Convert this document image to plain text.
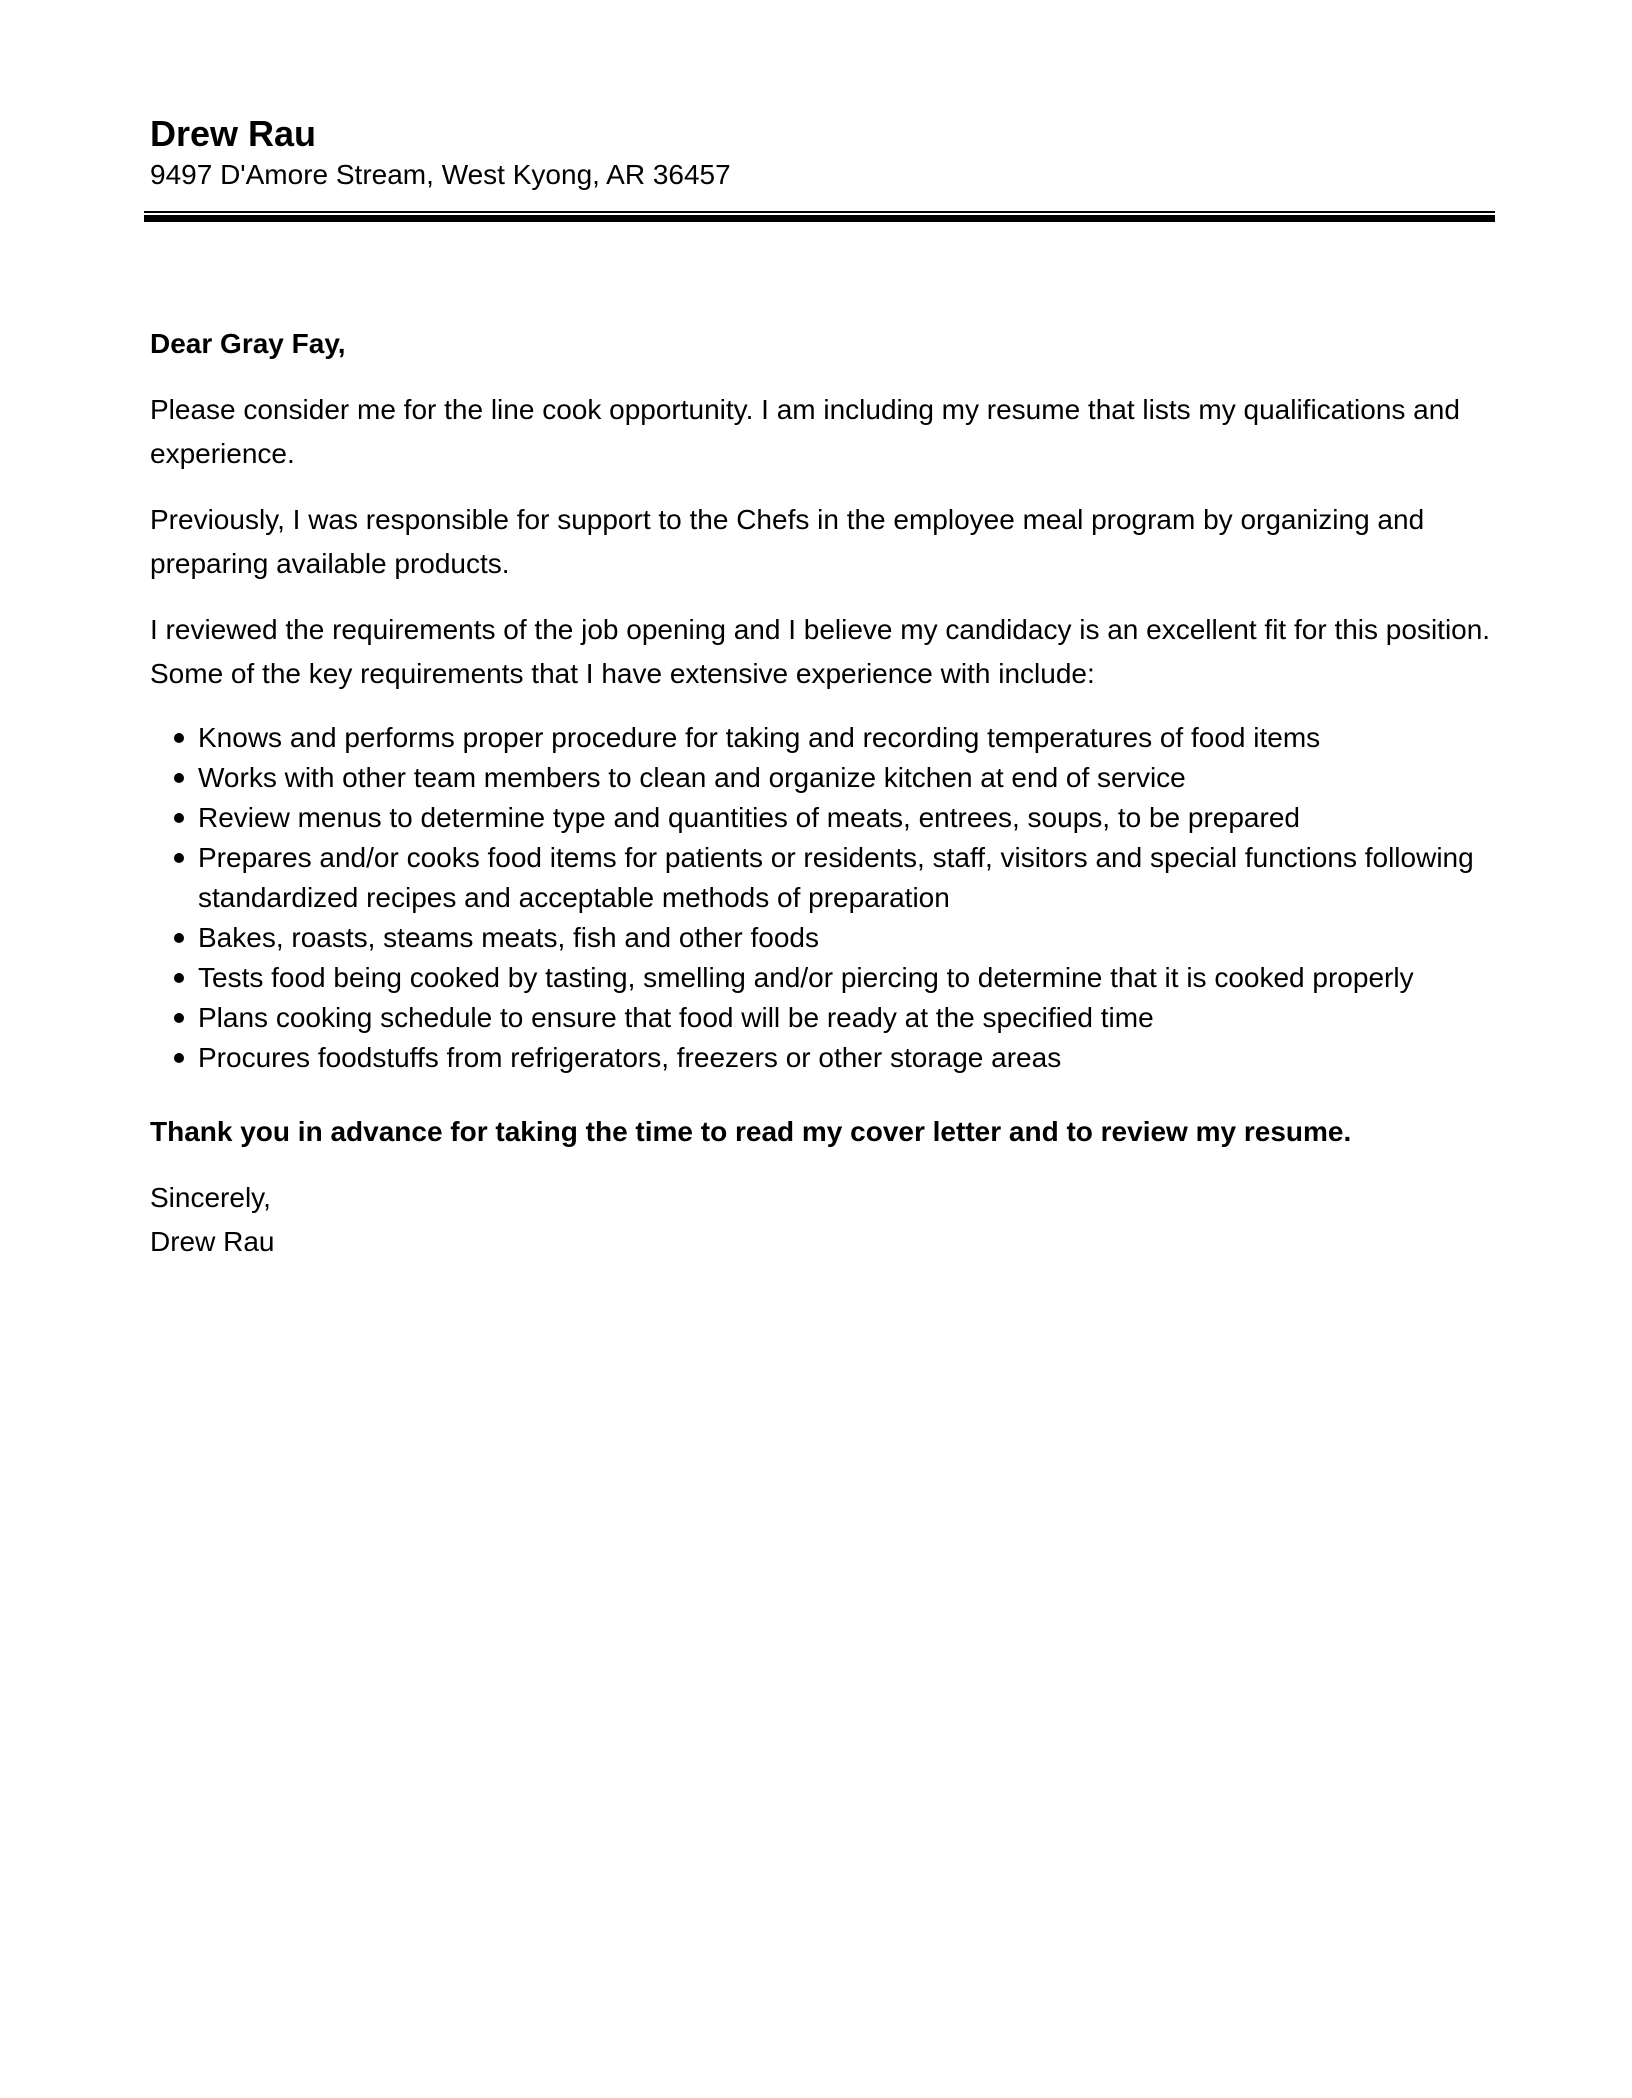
Drew Rau

9497 D'Amore Stream, West Kyong, AR 36457

Dear Gray Fay,

Please consider me for the line cook opportunity. I am including my resume that lists my qualifications and experience.

Previously, I was responsible for support to the Chefs in the employee meal program by organizing and preparing available products.

I reviewed the requirements of the job opening and I believe my candidacy is an excellent fit for this position. Some of the key requirements that I have extensive experience with include:

Knows and performs proper procedure for taking and recording temperatures of food items
Works with other team members to clean and organize kitchen at end of service
Review menus to determine type and quantities of meats, entrees, soups, to be prepared
Prepares and/or cooks food items for patients or residents, staff, visitors and special functions following standardized recipes and acceptable methods of preparation
Bakes, roasts, steams meats, fish and other foods
Tests food being cooked by tasting, smelling and/or piercing to determine that it is cooked properly
Plans cooking schedule to ensure that food will be ready at the specified time
Procures foodstuffs from refrigerators, freezers or other storage areas

Thank you in advance for taking the time to read my cover letter and to review my resume.

Sincerely,

Drew Rau
